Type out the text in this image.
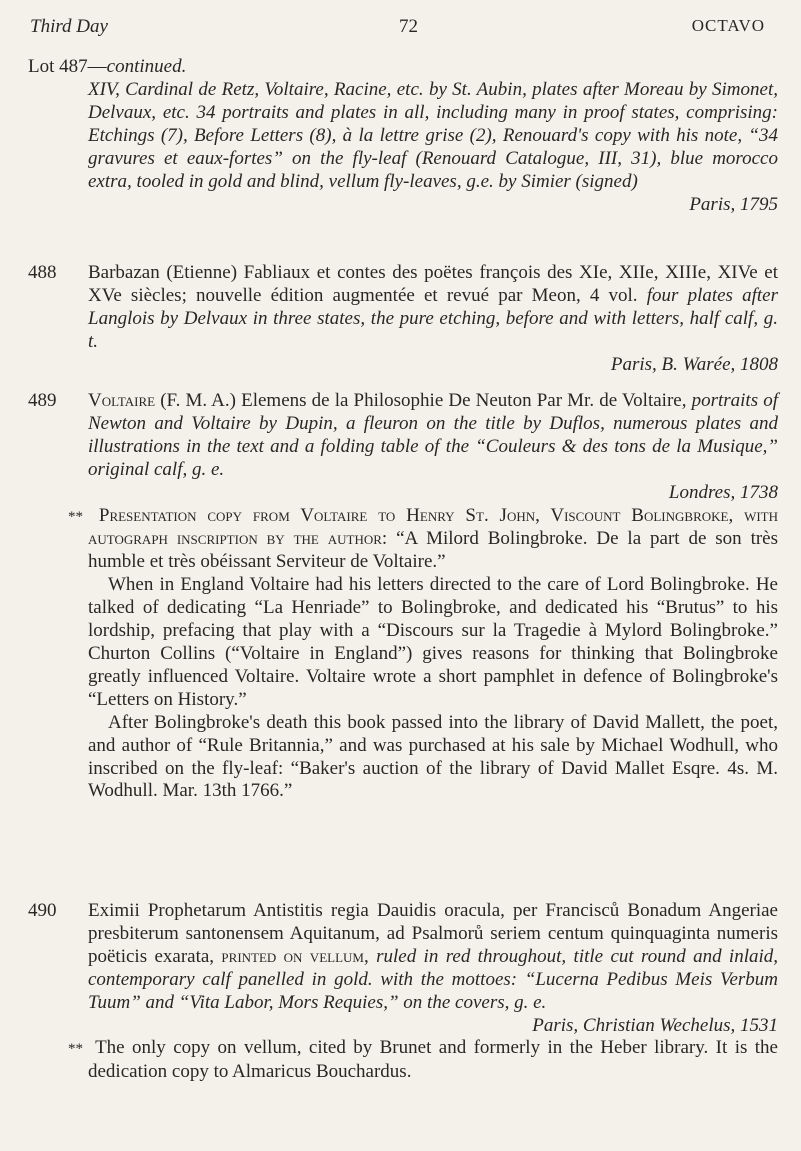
Third Day	72	OCTAVO

Lot 487—continued.

XIV, Cardinal de Retz, Voltaire, Racine, etc. by St. Aubin, plates after Moreau by Simonet, Delvaux, etc. 34 portraits and plates in all, including many in proof states, comprising: Etchings (7), Before Letters (8), à la lettre grise (2), Renouard's copy with his note, “34 gravures et eaux-fortes” on the fly-leaf (Renouard Catalogue, III, 31), blue morocco extra, tooled in gold and blind, vellum fly-leaves, g.e. by Simier (signed)

Paris, 1795
488 Barbazan (Etienne) Fabliaux et contes des poëtes françois des XIe, XIIe, XIIIe, XIVe et XVe siècles; nouvelle édition augmentée et revué par Meon, 4 vol. four plates after Langlois by Delvaux in three states, the pure etching, before and with letters, half calf, g. t.

Paris, B. Warée, 1808
489 Voltaire (F. M. A.) Elemens de la Philosophie De Neuton Par Mr. de Voltaire, portraits of Newton and Voltaire by Dupin, a fleuron on the title by Duflos, numerous plates and illustrations in the text and a folding table of the “Couleurs & des tons de la Musique,” original calf, g. e.

Londres, 1738

** Presentation copy from Voltaire to Henry St. John, Viscount Bolingbroke, with autograph inscription by the author: “A Milord Bolingbroke. De la part de son très humble et très obéissant Serviteur de Voltaire.”

When in England Voltaire had his letters directed to the care of Lord Bolingbroke. He talked of dedicating “La Henriade” to Bolingbroke, and dedicated his “Brutus” to his lordship, prefacing that play with a “Discours sur la Tragedie à Mylord Bolingbroke.” Churton Collins (“Voltaire in England”) gives reasons for thinking that Bolingbroke greatly influenced Voltaire. Voltaire wrote a short pamphlet in defence of Bolingbroke's “Letters on History.”

After Bolingbroke's death this book passed into the library of David Mallett, the poet, and author of “Rule Britannia,” and was purchased at his sale by Michael Wodhull, who inscribed on the fly-leaf: “Baker's auction of the library of David Mallet Esqre. 4s. M. Wodhull. Mar. 13th 1766.”

490 Eximii Prophetarum Antistitis regia Dauidis oracula, per Francisců Bonadum Angeriae presbiterum santonensem Aquitanum, ad Psalmorů seriem centum quinquaginta numeris poëticis exarata, printed on vellum, ruled in red throughout, title cut round and inlaid, contemporary calf panelled in gold. with the mottoes: “Lucerna Pedibus Meis Verbum Tuum” and “Vita Labor, Mors Requies,” on the covers, g. e.

Paris, Christian Wechelus, 1531

** The only copy on vellum, cited by Brunet and formerly in the Heber library. It is the dedication copy to Almaricus Bouchardus.
